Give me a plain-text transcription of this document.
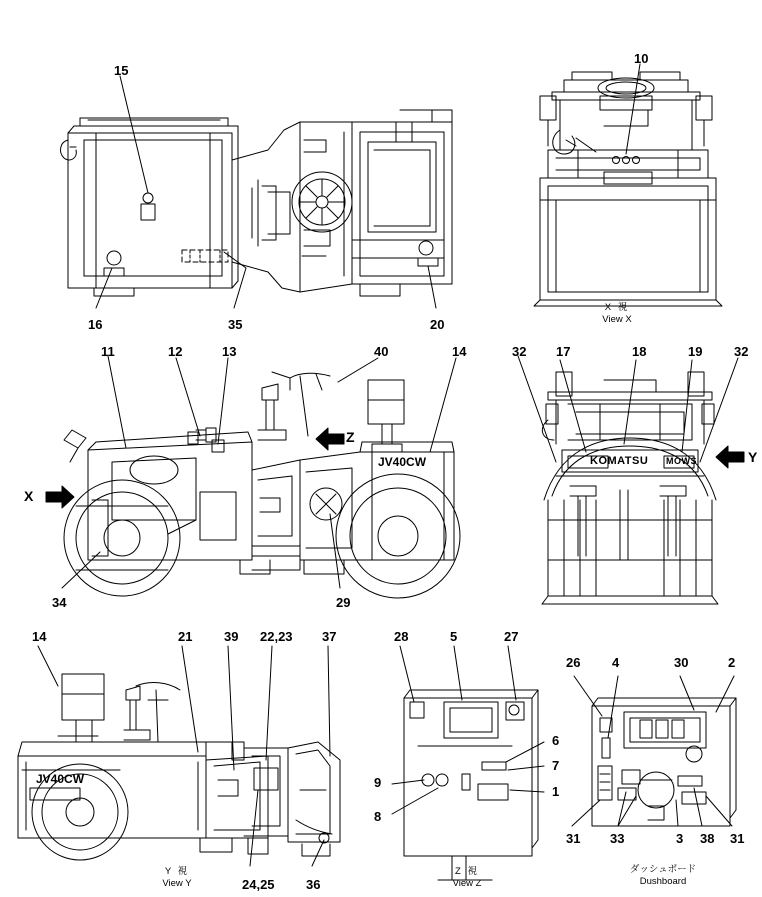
15
16	35	20
10
X 視
View X
11	12	13	40	14
34	29
JV40CW
X
Z
32 17	18	19 32
KOMATSU MOWS	Y
14	21 39 22,23 37
24,25 36
JV40CW
Y 視
View Y
28	5	27
6
7
1
9
8
Z 視
View Z
26 4	30	2
31 33	3 38 31
ダッシュボード
Dushboard
